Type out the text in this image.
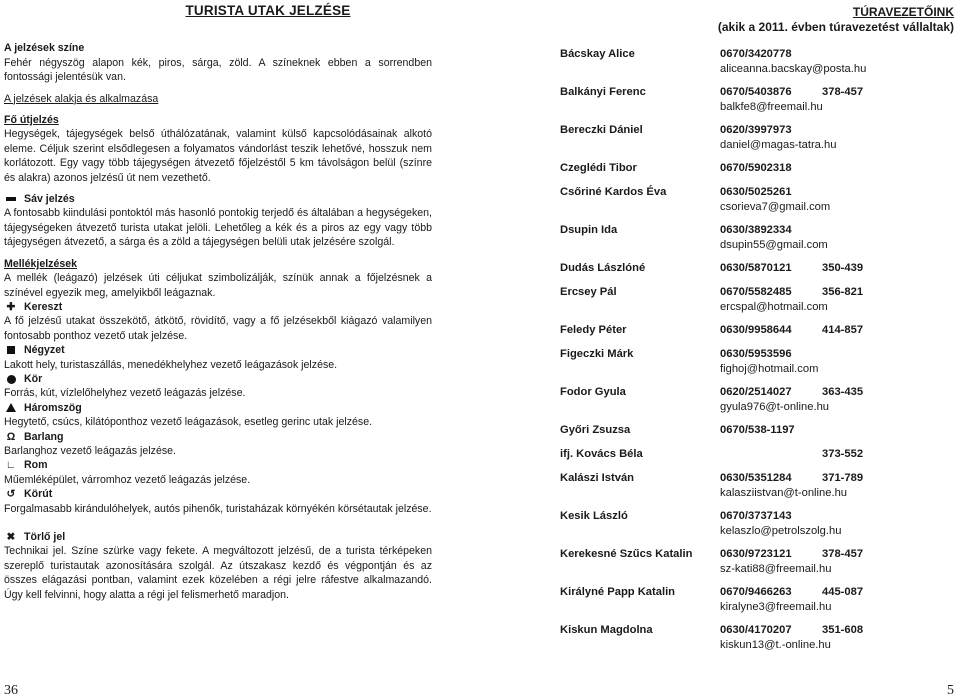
TURISTA UTAK JELZÉSE
A jelzések színe
Fehér négyszög alapon kék, piros, sárga, zöld. A színeknek ebben a sorrendben fontossági jelentésük van.
A jelzések alakja és alkalmazása
Fő útjelzés
Hegységek, tájegységek belső úthálózatának, valamint külső kapcsolódásainak alkotó eleme. Céljuk szerint elsődlegesen a folyamatos vándorlást teszik lehetővé, hosszuk nem korlátozott. Egy vagy több tájegységen átvezető főjelzéstől 5 km távolságon belül (színre és alakra) azonos jelzésű út nem vezethető.
Sáv jelzés
A fontosabb kiindulási pontoktól más hasonló pontokig terjedő és általában a hegységeken, tájegységeken átvezető turista utakat jelöli. Lehetőleg a kék és a piros az egy vagy több tájegységen átvezető, a sárga és a zöld a tájegységen belüli utak jelzésére szolgál.
Mellékjelzések
A mellék (leágazó) jelzések úti céljukat szimbolizálják, színük annak a főjelzésnek a színével egyezik meg, amelyikből leágaznak.
✚ Kereszt
A fő jelzésű utakat összekötő, átkötő, rövidítő, vagy a fő jelzésekből kiágazó valamilyen fontosabb ponthoz vezető utak jelzése.
Négyzet
Lakott hely, turistaszállás, menedékhelyhez vezető leágazások jelzése.
Kör
Forrás, kút, vízlelőhelyhez vezető leágazás jelzése.
Háromszög
Hegytető, csúcs, kilátóponthoz vezető leágazások, esetleg gerinc utak jelzése.
Ω Barlang
Barlanghoz vezető leágazás jelzése.
∟ Rom
Műemléképület, várromhoz vezető leágazás jelzése.
↺ Körút
Forgalmasabb kirándulóhelyek, autós pihenők, turistaházak környékén körsétautak jelzése.
✖ Törlő jel
Technikai jel. Színe szürke vagy fekete. A megváltozott jelzésű, de a turista térképeken szereplő turistautak azonosítására szolgál. Az útszakasz kezdő és végpontján és az összes elágazási pontban, valamint ezek közelében a régi jelre ráfestve alkalmazandó. Úgy kell felvinni, hogy alatta a régi jel felismerhető maradjon.
TÚRAVEZETŐINK
(akik a 2011. évben túravezetést vállaltak)
Bácskay Alice	0670/3420778
aliceanna.bacskay@posta.hu
Balkányi Ferenc	0670/5403876	378-457
balkfe8@freemail.hu
Bereczki Dániel	0620/3997973
daniel@magas-tatra.hu
Czeglédi Tibor	0670/5902318
Csőriné Kardos Éva	0630/5025261
csorieva7@gmail.com
Dsupin Ida	0630/3892334
dsupin55@gmail.com
Dudás Lászlóné	0630/5870121	350-439
Ercsey Pál	0670/5582485	356-821
ercspal@hotmail.com
Feledy Péter	0630/9958644	414-857
Figeczki Márk	0630/5953596
fighoj@hotmail.com
Fodor Gyula	0620/2514027	363-435
gyula976@t-online.hu
Győri Zsuzsa	0670/538-1197
ifj. Kovács Béla	373-552
Kalászi István	0630/5351284	371-789
kalasziistvan@t-online.hu
Kesik László	0670/3737143
kelaszlo@petrolszolg.hu
Kerekesné Szűcs Katalin	0630/9723121	378-457
sz-kati88@freemail.hu
Királyné Papp Katalin	0670/9466263	445-087
kiralyne3@freemail.hu
Kiskun Magdolna	0630/4170207	351-608
kiskun13@t.-online.hu
36	5
